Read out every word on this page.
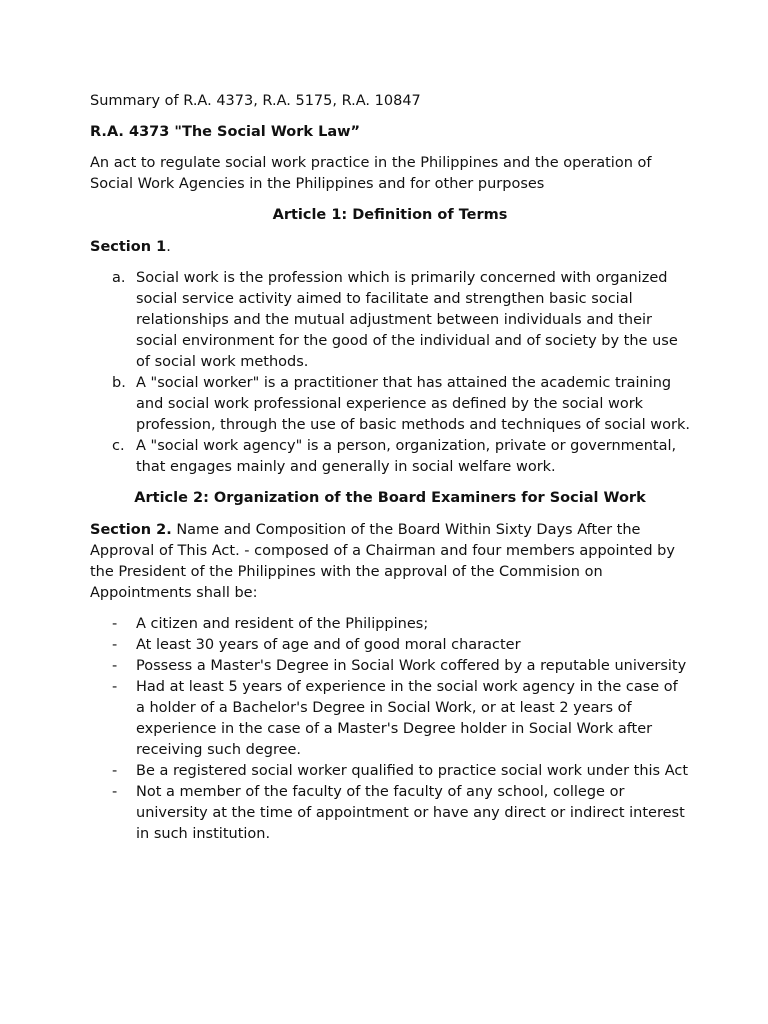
Summary of R.A. 4373, R.A. 5175, R.A. 10847

R.A. 4373 "The Social Work Law”

An act to regulate social work practice in the Philippines and the operation of Social Work Agencies in the Philippines and for other purposes

Article 1: Definition of Terms

Section 1.

a. Social work is the profession which is primarily concerned with organized social service activity aimed to facilitate and strengthen basic social relationships and the mutual adjustment between individuals and their social environment for the good of the individual and of society by the use of social work methods.
b. A "social worker" is a practitioner that has attained the academic training and social work professional experience as defined by the social work profession, through the use of basic methods and techniques of social work.
c. A "social work agency" is a person, organization, private or governmental, that engages mainly and generally in social welfare work.

Article 2: Organization of the Board Examiners for Social Work

Section 2. Name and Composition of the Board Within Sixty Days After the Approval of This Act. - composed of a Chairman and four members appointed by the President of the Philippines with the approval of the Commision on Appointments shall be:

- A citizen and resident of the Philippines;
- At least 30 years of age and of good moral character
- Possess a Master's Degree in Social Work coffered by a reputable university
- Had at least 5 years of experience in the social work agency in the case of a holder of a Bachelor's Degree in Social Work, or at least 2 years of experience in the case of a Master's Degree holder in Social Work after receiving such degree.
- Be a registered social worker qualified to practice social work under this Act
- Not a member of the faculty of the faculty of any school, college or university at the time of appointment or have any direct or indirect interest in such institution.
